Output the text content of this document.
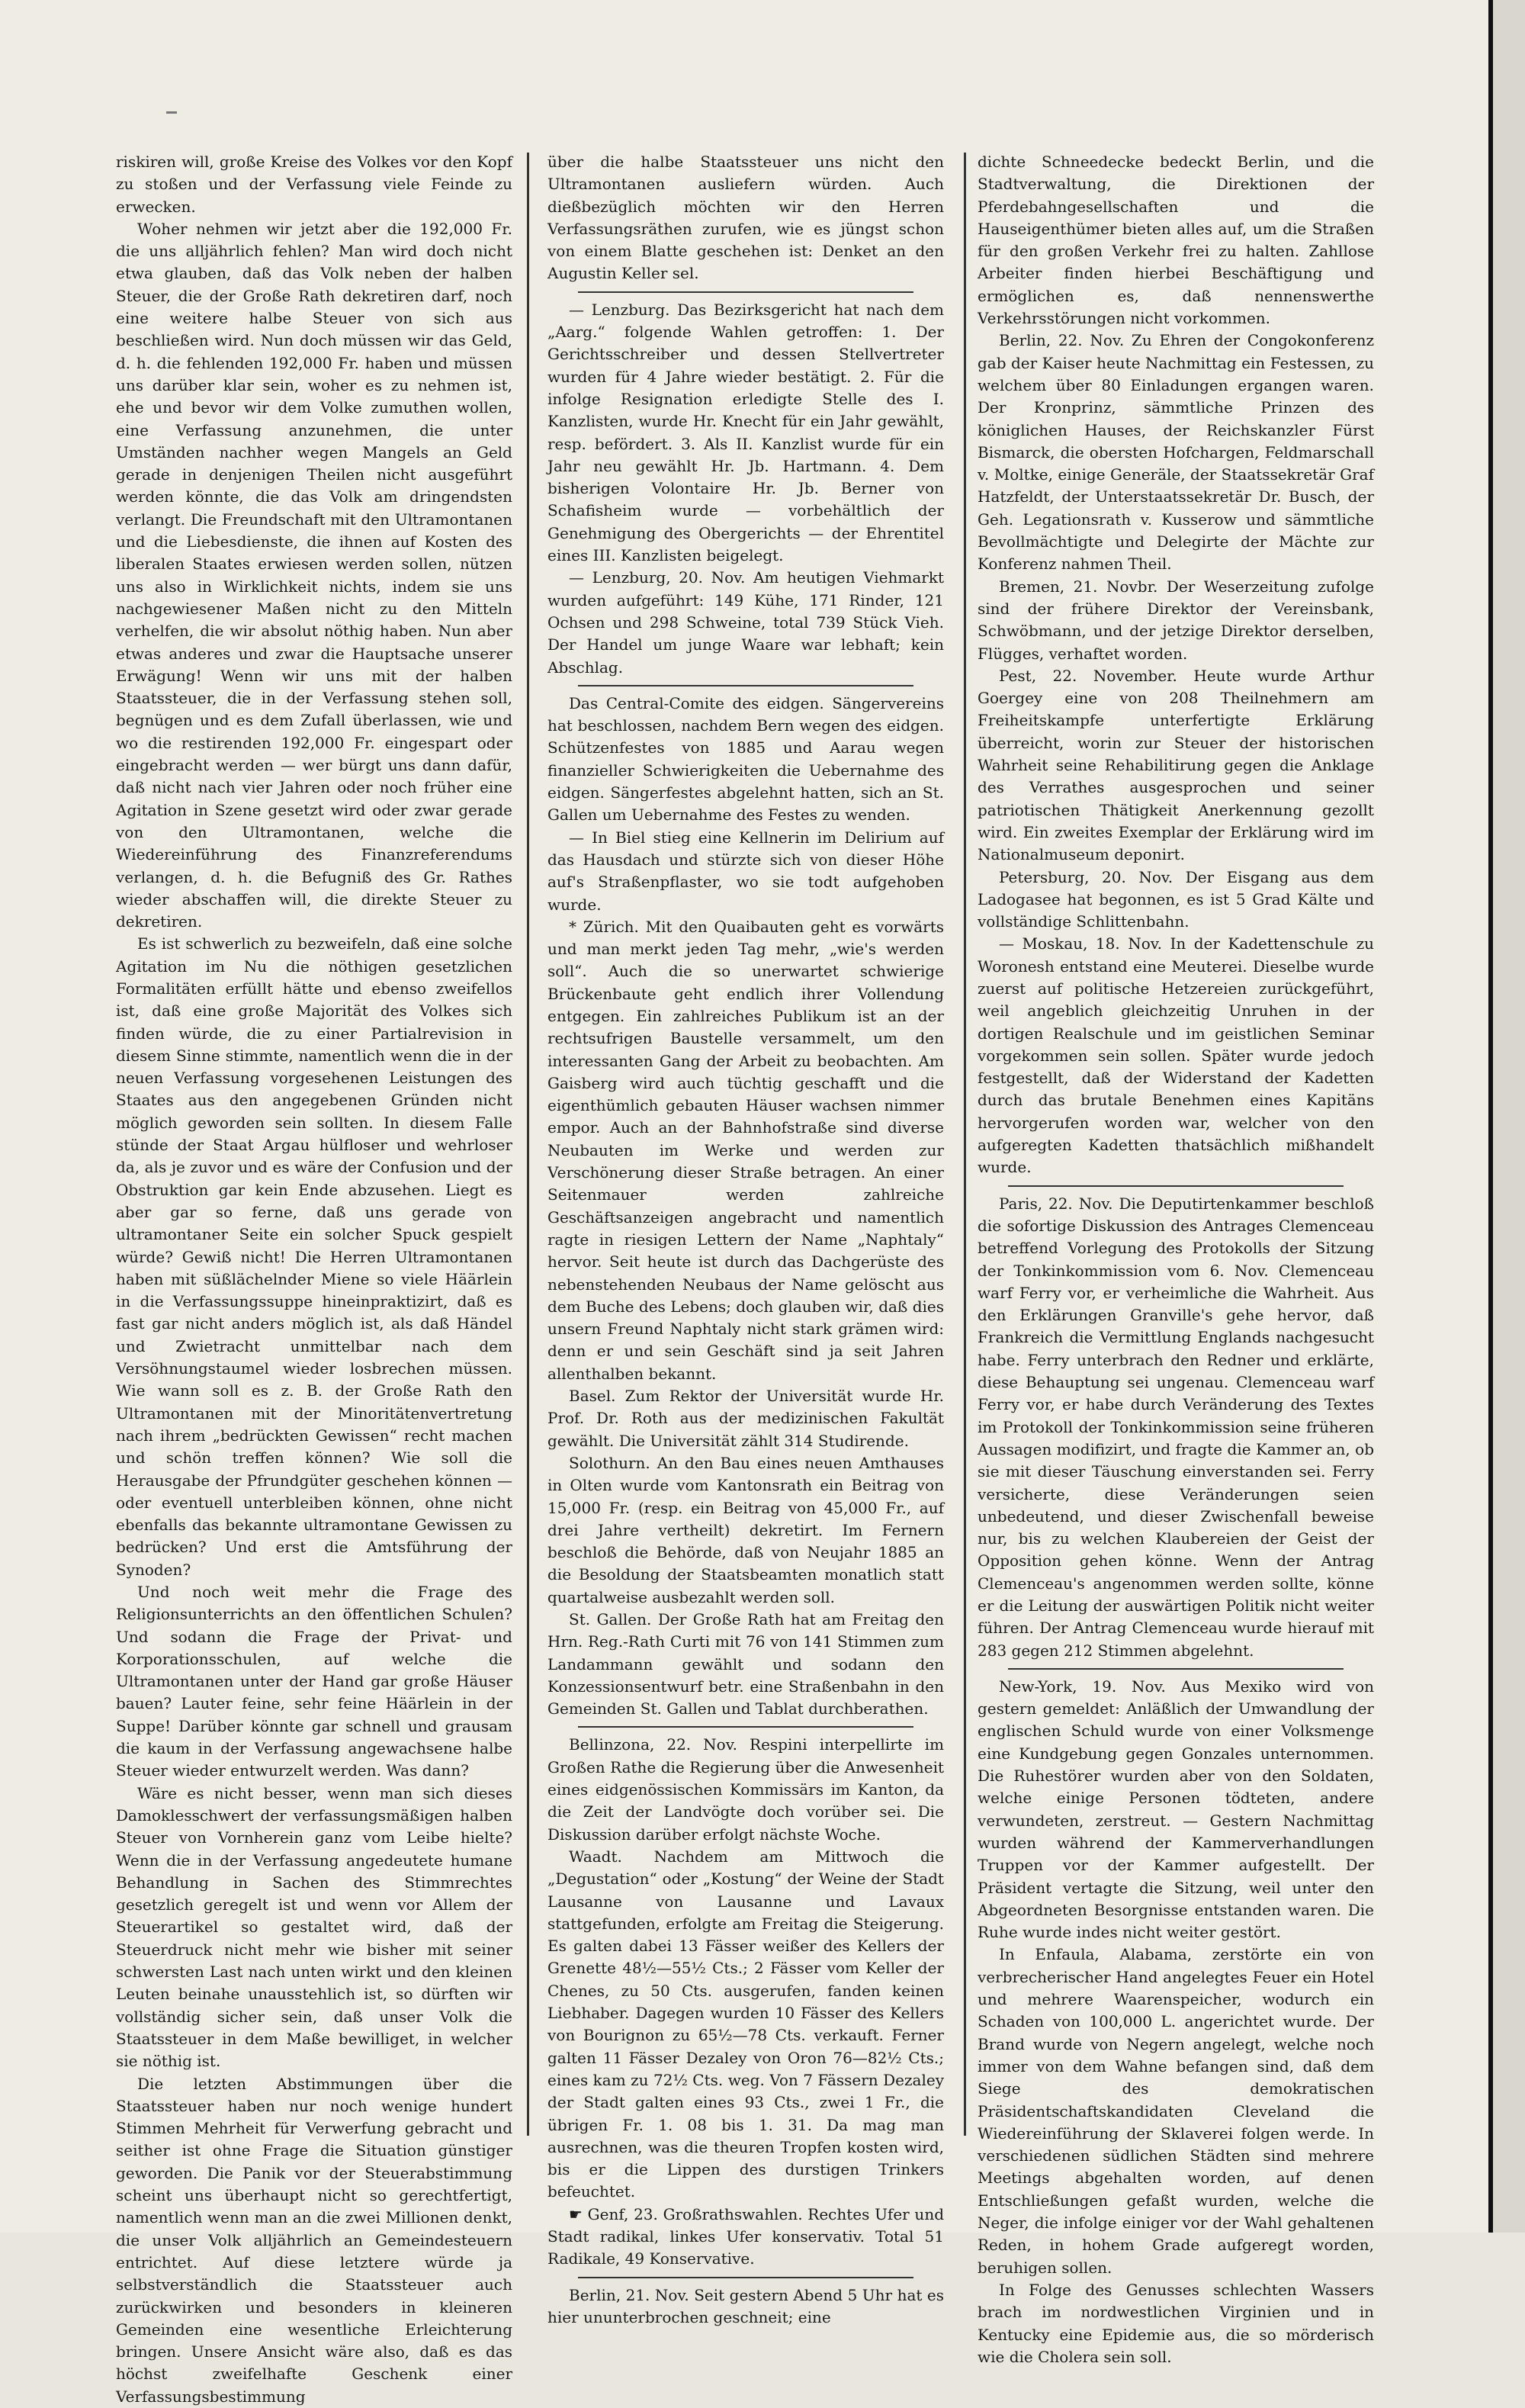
riskiren will, große Kreise des Volkes vor den Kopf zu stoßen und der Verfassung viele Feinde zu erwecken.

Woher nehmen wir jetzt aber die 192,000 Fr. die uns alljährlich fehlen? Man wird doch nicht etwa glauben, daß das Volk neben der halben Steuer, die der Große Rath dekretiren darf, noch eine weitere halbe Steuer von sich aus beschließen wird. Nun doch müssen wir das Geld, d. h. die fehlenden 192,000 Fr. haben und müssen uns darüber klar sein, woher es zu nehmen ist, ehe und bevor wir dem Volke zumuthen wollen, eine Verfassung anzunehmen, die unter Umständen nachher wegen Mangels an Geld gerade in denjenigen Theilen nicht ausgeführt werden könnte, die das Volk am dringendsten verlangt. Die Freundschaft mit den Ultramontanen und die Liebesdienste, die ihnen auf Kosten des liberalen Staates erwiesen werden sollen, nützen uns also in Wirklichkeit nichts, indem sie uns nachgewiesener Maßen nicht zu den Mitteln verhelfen, die wir absolut nöthig haben. Nun aber etwas anderes und zwar die Hauptsache unserer Erwägung! Wenn wir uns mit der halben Staatssteuer, die in der Verfassung stehen soll, begnügen und es dem Zufall überlassen, wie und wo die restirenden 192,000 Fr. eingespart oder eingebracht werden — wer bürgt uns dann dafür, daß nicht nach vier Jahren oder noch früher eine Agitation in Szene gesetzt wird oder zwar gerade von den Ultramontanen, welche die Wiedereinführung des Finanzreferendums verlangen, d. h. die Befugniß des Gr. Rathes wieder abschaffen will, die direkte Steuer zu dekretiren.

Es ist schwerlich zu bezweifeln, daß eine solche Agitation im Nu die nöthigen gesetzlichen Formalitäten erfüllt hätte und ebenso zweifellos ist, daß eine große Majorität des Volkes sich finden würde, die zu einer Partialrevision in diesem Sinne stimmte, namentlich wenn die in der neuen Verfassung vorgesehenen Leistungen des Staates aus den angegebenen Gründen nicht möglich geworden sein sollten. In diesem Falle stünde der Staat Argau hülfloser und wehrloser da, als je zuvor und es wäre der Confusion und der Obstruktion gar kein Ende abzusehen. Liegt es aber gar so ferne, daß uns gerade von ultramontaner Seite ein solcher Spuck gespielt würde? Gewiß nicht! Die Herren Ultramontanen haben mit süßlächelnder Miene so viele Häärlein in die Verfassungssuppe hineinpraktizirt, daß es fast gar nicht anders möglich ist, als daß Händel und Zwietracht unmittelbar nach dem Versöhnungstaumel wieder losbrechen müssen. Wie wann soll es z. B. der Große Rath den Ultramontanen mit der Minoritätenvertretung nach ihrem „bedrückten Gewissen“ recht machen und schön treffen können? Wie soll die Herausgabe der Pfrundgüter geschehen können — oder eventuell unterbleiben können, ohne nicht ebenfalls das bekannte ultramontane Gewissen zu bedrücken? Und erst die Amtsführung der Synoden?

Und noch weit mehr die Frage des Religionsunterrichts an den öffentlichen Schulen? Und sodann die Frage der Privat- und Korporationsschulen, auf welche die Ultramontanen unter der Hand gar große Häuser bauen? Lauter feine, sehr feine Häärlein in der Suppe! Darüber könnte gar schnell und grausam die kaum in der Verfassung angewachsene halbe Steuer wieder entwurzelt werden. Was dann?

Wäre es nicht besser, wenn man sich dieses Damoklesschwert der verfassungsmäßigen halben Steuer von Vornherein ganz vom Leibe hielte? Wenn die in der Verfassung angedeutete humane Behandlung in Sachen des Stimmrechtes gesetzlich geregelt ist und wenn vor Allem der Steuerartikel so gestaltet wird, daß der Steuerdruck nicht mehr wie bisher mit seiner schwersten Last nach unten wirkt und den kleinen Leuten beinahe unausstehlich ist, so dürften wir vollständig sicher sein, daß unser Volk die Staatssteuer in dem Maße bewilliget, in welcher sie nöthig ist.

Die letzten Abstimmungen über die Staatssteuer haben nur noch wenige hundert Stimmen Mehrheit für Verwerfung gebracht und seither ist ohne Frage die Situation günstiger geworden. Die Panik vor der Steuerabstimmung scheint uns überhaupt nicht so gerechtfertigt, namentlich wenn man an die zwei Millionen denkt, die unser Volk alljährlich an Gemeindesteuern entrichtet. Auf diese letztere würde ja selbstverständlich die Staatssteuer auch zurückwirken und besonders in kleineren Gemeinden eine wesentliche Erleichterung bringen. Unsere Ansicht wäre also, daß es das höchst zweifelhafte Geschenk einer Verfassungsbestimmung

über die halbe Staatssteuer uns nicht den Ultramontanen ausliefern würden. Auch dießbezüglich möchten wir den Herren Verfassungsräthen zurufen, wie es jüngst schon von einem Blatte geschehen ist: Denket an den Augustin Keller sel.

— Lenzburg. Das Bezirksgericht hat nach dem „Aarg.“ folgende Wahlen getroffen: 1. Der Gerichtsschreiber und dessen Stellvertreter wurden für 4 Jahre wieder bestätigt. 2. Für die infolge Resignation erledigte Stelle des I. Kanzlisten, wurde Hr. Knecht für ein Jahr gewählt, resp. befördert. 3. Als II. Kanzlist wurde für ein Jahr neu gewählt Hr. Jb. Hartmann. 4. Dem bisherigen Volontaire Hr. Jb. Berner von Schafisheim wurde — vorbehältlich der Genehmigung des Obergerichts — der Ehrentitel eines III. Kanzlisten beigelegt.

— Lenzburg, 20. Nov. Am heutigen Viehmarkt wurden aufgeführt: 149 Kühe, 171 Rinder, 121 Ochsen und 298 Schweine, total 739 Stück Vieh. Der Handel um junge Waare war lebhaft; kein Abschlag.

Das Central-Comite des eidgen. Sängervereins hat beschlossen, nachdem Bern wegen des eidgen. Schützenfestes von 1885 und Aarau wegen finanzieller Schwierigkeiten die Uebernahme des eidgen. Sängerfestes abgelehnt hatten, sich an St. Gallen um Uebernahme des Festes zu wenden.

— In Biel stieg eine Kellnerin im Delirium auf das Hausdach und stürzte sich von dieser Höhe auf's Straßenpflaster, wo sie todt aufgehoben wurde.

* Zürich. Mit den Quaibauten geht es vorwärts und man merkt jeden Tag mehr, „wie's werden soll“. Auch die so unerwartet schwierige Brückenbaute geht endlich ihrer Vollendung entgegen. Ein zahlreiches Publikum ist an der rechtsufrigen Baustelle versammelt, um den interessanten Gang der Arbeit zu beobachten. Am Gaisberg wird auch tüchtig geschafft und die eigenthümlich gebauten Häuser wachsen nimmer empor. Auch an der Bahnhofstraße sind diverse Neubauten im Werke und werden zur Verschönerung dieser Straße betragen. An einer Seitenmauer werden zahlreiche Geschäftsanzeigen angebracht und namentlich ragte in riesigen Lettern der Name „Naphtaly“ hervor. Seit heute ist durch das Dachgerüste des nebenstehenden Neubaus der Name gelöscht aus dem Buche des Lebens; doch glauben wir, daß dies unsern Freund Naphtaly nicht stark grämen wird: denn er und sein Geschäft sind ja seit Jahren allenthalben bekannt.

Basel. Zum Rektor der Universität wurde Hr. Prof. Dr. Roth aus der medizinischen Fakultät gewählt. Die Universität zählt 314 Studirende.

Solothurn. An den Bau eines neuen Amthauses in Olten wurde vom Kantonsrath ein Beitrag von 15,000 Fr. (resp. ein Beitrag von 45,000 Fr., auf drei Jahre vertheilt) dekretirt. Im Fernern beschloß die Behörde, daß von Neujahr 1885 an die Besoldung der Staatsbeamten monatlich statt quartalweise ausbezahlt werden soll.

St. Gallen. Der Große Rath hat am Freitag den Hrn. Reg.-Rath Curti mit 76 von 141 Stimmen zum Landammann gewählt und sodann den Konzessionsentwurf betr. eine Straßenbahn in den Gemeinden St. Gallen und Tablat durchberathen.

Bellinzona, 22. Nov. Respini interpellirte im Großen Rathe die Regierung über die Anwesenheit eines eidgenössischen Kommissärs im Kanton, da die Zeit der Landvögte doch vorüber sei. Die Diskussion darüber erfolgt nächste Woche.

Waadt. Nachdem am Mittwoch die „Degustation“ oder „Kostung“ der Weine der Stadt Lausanne von Lausanne und Lavaux stattgefunden, erfolgte am Freitag die Steigerung. Es galten dabei 13 Fässer weißer des Kellers der Grenette 48½—55½ Cts.; 2 Fässer vom Keller der Chenes, zu 50 Cts. ausgerufen, fanden keinen Liebhaber. Dagegen wurden 10 Fässer des Kellers von Bourignon zu 65½—78 Cts. verkauft. Ferner galten 11 Fässer Dezaley von Oron 76—82½ Cts.; eines kam zu 72½ Cts. weg. Von 7 Fässern Dezaley der Stadt galten eines 93 Cts., zwei 1 Fr., die übrigen Fr. 1. 08 bis 1. 31. Da mag man ausrechnen, was die theuren Tropfen kosten wird, bis er die Lippen des durstigen Trinkers befeuchtet.

☛ Genf, 23. Großrathswahlen. Rechtes Ufer und Stadt radikal, linkes Ufer konservativ. Total 51 Radikale, 49 Konservative.

Berlin, 21. Nov. Seit gestern Abend 5 Uhr hat es hier ununterbrochen geschneit; eine

dichte Schneedecke bedeckt Berlin, und die Stadtverwaltung, die Direktionen der Pferdebahngesellschaften und die Hauseigenthümer bieten alles auf, um die Straßen für den großen Verkehr frei zu halten. Zahllose Arbeiter finden hierbei Beschäftigung und ermöglichen es, daß nennenswerthe Verkehrsstörungen nicht vorkommen.

Berlin, 22. Nov. Zu Ehren der Congokonferenz gab der Kaiser heute Nachmittag ein Festessen, zu welchem über 80 Einladungen ergangen waren. Der Kronprinz, sämmtliche Prinzen des königlichen Hauses, der Reichskanzler Fürst Bismarck, die obersten Hofchargen, Feldmarschall v. Moltke, einige Generäle, der Staatssekretär Graf Hatzfeldt, der Unterstaatssekretär Dr. Busch, der Geh. Legationsrath v. Kusserow und sämmtliche Bevollmächtigte und Delegirte der Mächte zur Konferenz nahmen Theil.

Bremen, 21. Novbr. Der Weserzeitung zufolge sind der frühere Direktor der Vereinsbank, Schwöbmann, und der jetzige Direktor derselben, Flügges, verhaftet worden.

Pest, 22. November. Heute wurde Arthur Goergey eine von 208 Theilnehmern am Freiheitskampfe unterfertigte Erklärung überreicht, worin zur Steuer der historischen Wahrheit seine Rehabilitirung gegen die Anklage des Verrathes ausgesprochen und seiner patriotischen Thätigkeit Anerkennung gezollt wird. Ein zweites Exemplar der Erklärung wird im Nationalmuseum deponirt.

Petersburg, 20. Nov. Der Eisgang aus dem Ladogasee hat begonnen, es ist 5 Grad Kälte und vollständige Schlittenbahn.

— Moskau, 18. Nov. In der Kadettenschule zu Woronesh entstand eine Meuterei. Dieselbe wurde zuerst auf politische Hetzereien zurückgeführt, weil angeblich gleichzeitig Unruhen in der dortigen Realschule und im geistlichen Seminar vorgekommen sein sollen. Später wurde jedoch festgestellt, daß der Widerstand der Kadetten durch das brutale Benehmen eines Kapitäns hervorgerufen worden war, welcher von den aufgeregten Kadetten thatsächlich mißhandelt wurde.

Paris, 22. Nov. Die Deputirtenkammer beschloß die sofortige Diskussion des Antrages Clemenceau betreffend Vorlegung des Protokolls der Sitzung der Tonkinkommission vom 6. Nov. Clemenceau warf Ferry vor, er verheimliche die Wahrheit. Aus den Erklärungen Granville's gehe hervor, daß Frankreich die Vermittlung Englands nachgesucht habe. Ferry unterbrach den Redner und erklärte, diese Behauptung sei ungenau. Clemenceau warf Ferry vor, er habe durch Veränderung des Textes im Protokoll der Tonkinkommission seine früheren Aussagen modifizirt, und fragte die Kammer an, ob sie mit dieser Täuschung einverstanden sei. Ferry versicherte, diese Veränderungen seien unbedeutend, und dieser Zwischenfall beweise nur, bis zu welchen Klaubereien der Geist der Opposition gehen könne. Wenn der Antrag Clemenceau's angenommen werden sollte, könne er die Leitung der auswärtigen Politik nicht weiter führen. Der Antrag Clemenceau wurde hierauf mit 283 gegen 212 Stimmen abgelehnt.

New-York, 19. Nov. Aus Mexiko wird von gestern gemeldet: Anläßlich der Umwandlung der englischen Schuld wurde von einer Volksmenge eine Kundgebung gegen Gonzales unternommen. Die Ruhestörer wurden aber von den Soldaten, welche einige Personen tödteten, andere verwundeten, zerstreut. — Gestern Nachmittag wurden während der Kammerverhandlungen Truppen vor der Kammer aufgestellt. Der Präsident vertagte die Sitzung, weil unter den Abgeordneten Besorgnisse entstanden waren. Die Ruhe wurde indes nicht weiter gestört.

In Enfaula, Alabama, zerstörte ein von verbrecherischer Hand angelegtes Feuer ein Hotel und mehrere Waarenspeicher, wodurch ein Schaden von 100,000 L. angerichtet wurde. Der Brand wurde von Negern angelegt, welche noch immer von dem Wahne befangen sind, daß dem Siege des demokratischen Präsidentschaftskandidaten Cleveland die Wiedereinführung der Sklaverei folgen werde. In verschiedenen südlichen Städten sind mehrere Meetings abgehalten worden, auf denen Entschließungen gefaßt wurden, welche die Neger, die infolge einiger vor der Wahl gehaltenen Reden, in hohem Grade aufgeregt worden, beruhigen sollen.

In Folge des Genusses schlechten Wassers brach im nordwestlichen Virginien und in Kentucky eine Epidemie aus, die so mörderisch wie die Cholera sein soll.
